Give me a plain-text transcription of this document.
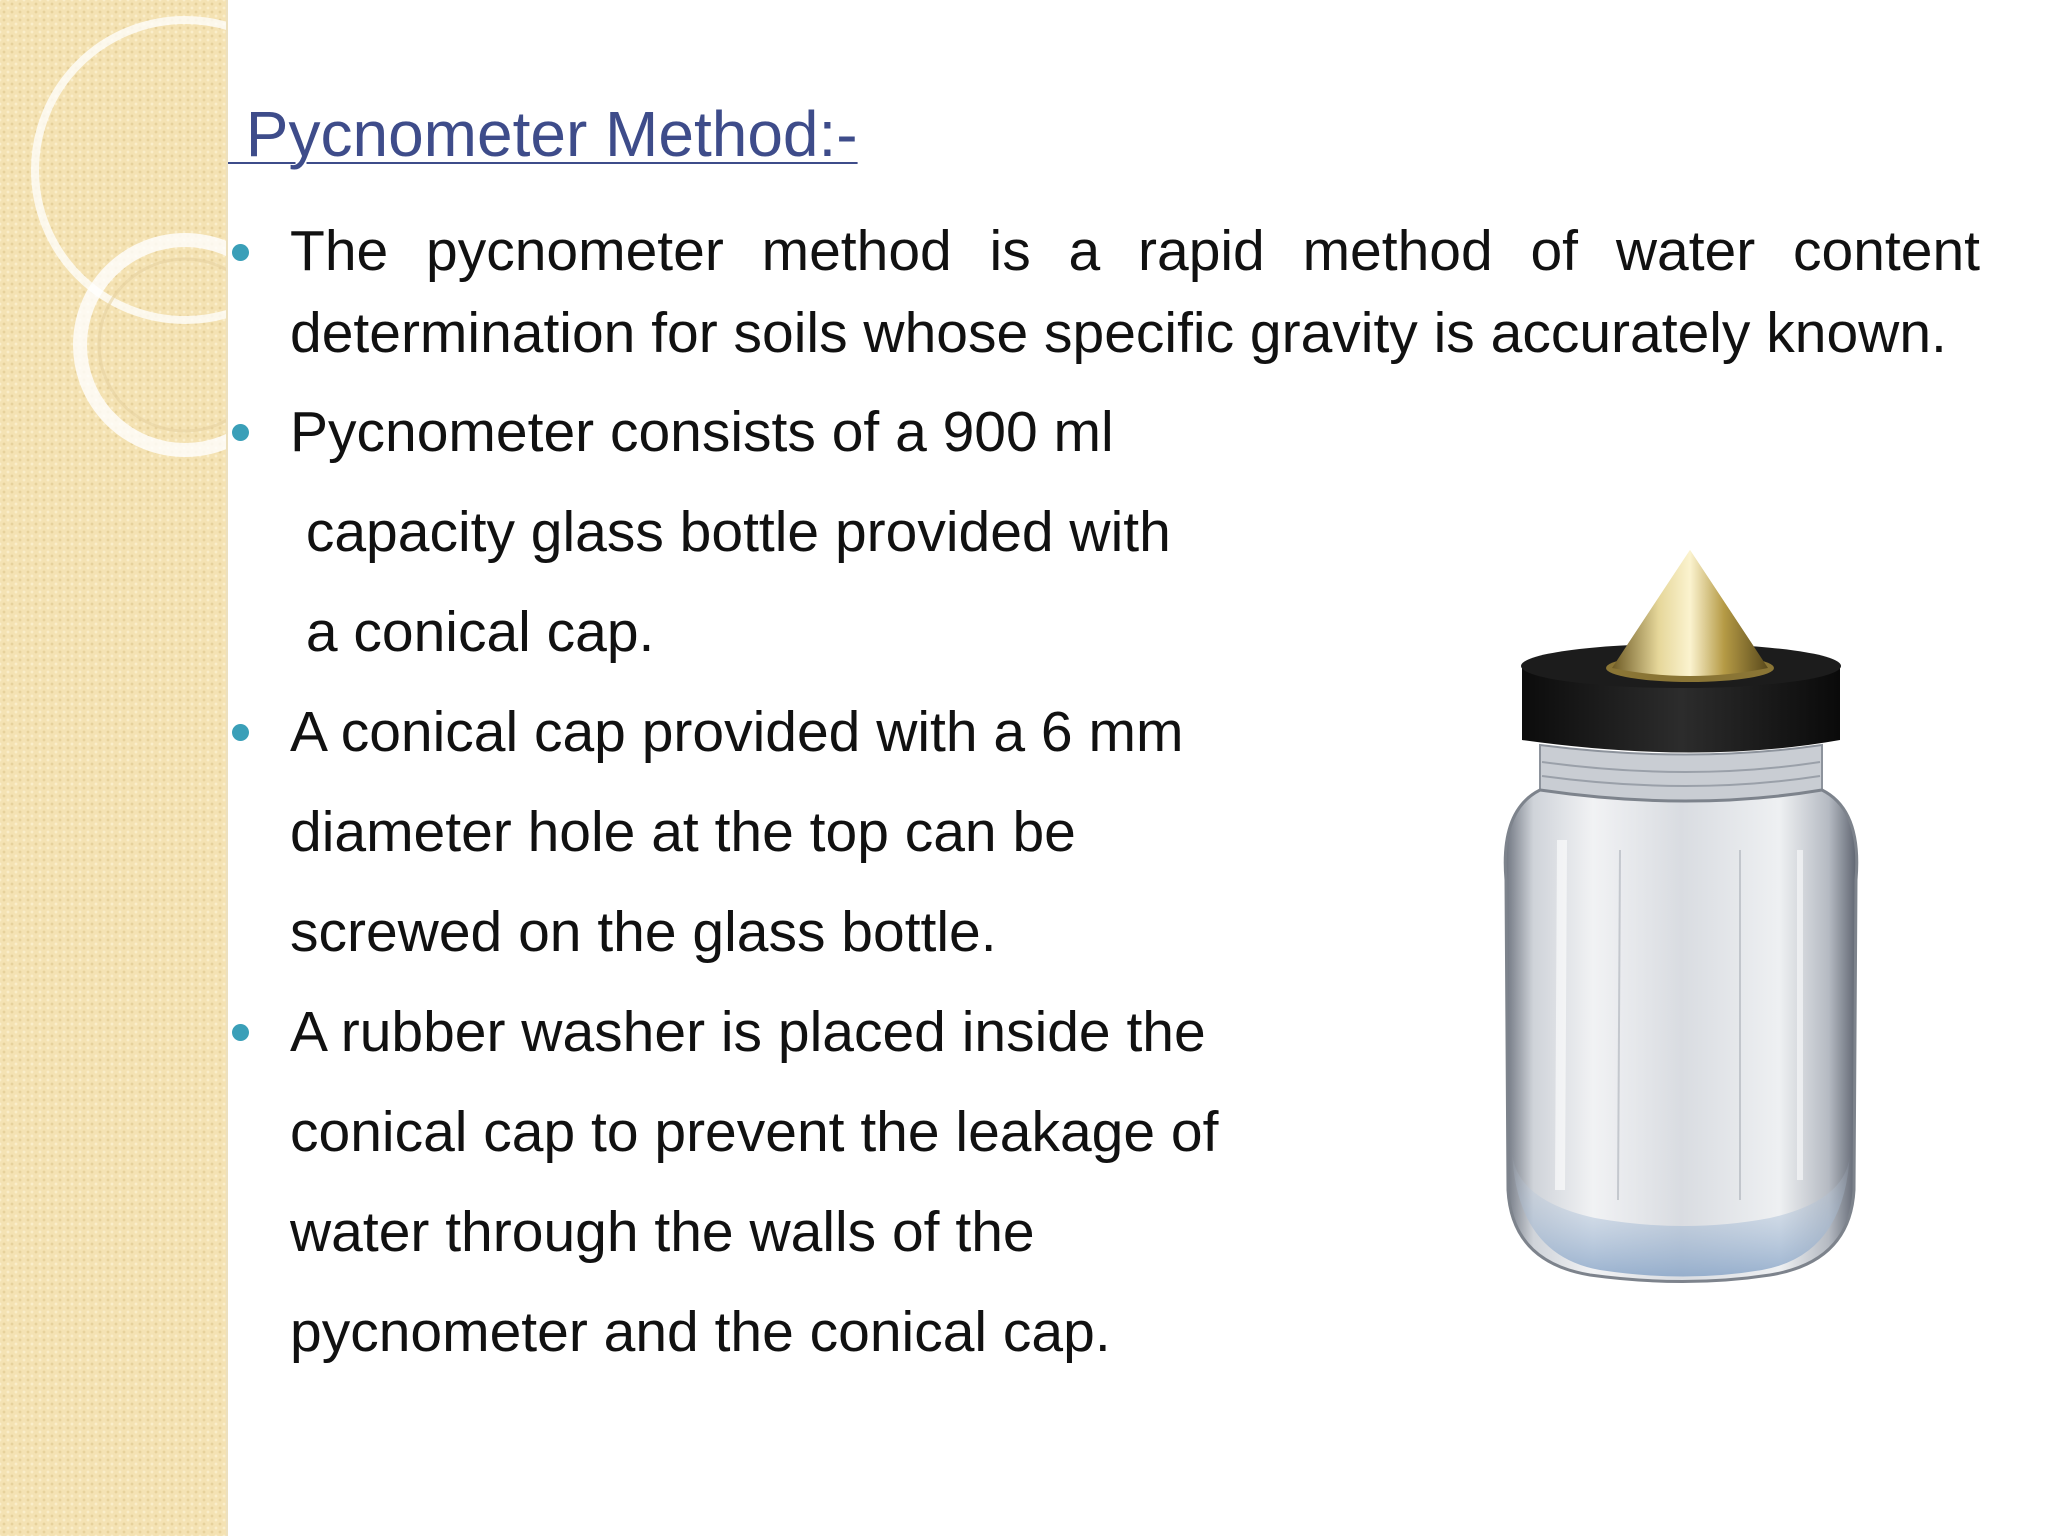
Pycnometer Method:-
The pycnometer method is a rapid method of water content determination for soils whose specific gravity is accurately known.
Pycnometer consists of a 900 ml
capacity glass bottle provided with
a conical cap.
A conical cap provided with a 6 mm
diameter hole at the top can be
screwed on the glass bottle.
A rubber washer is placed inside the
conical cap to prevent the leakage of
water through the walls of the
pycnometer and the conical cap.
